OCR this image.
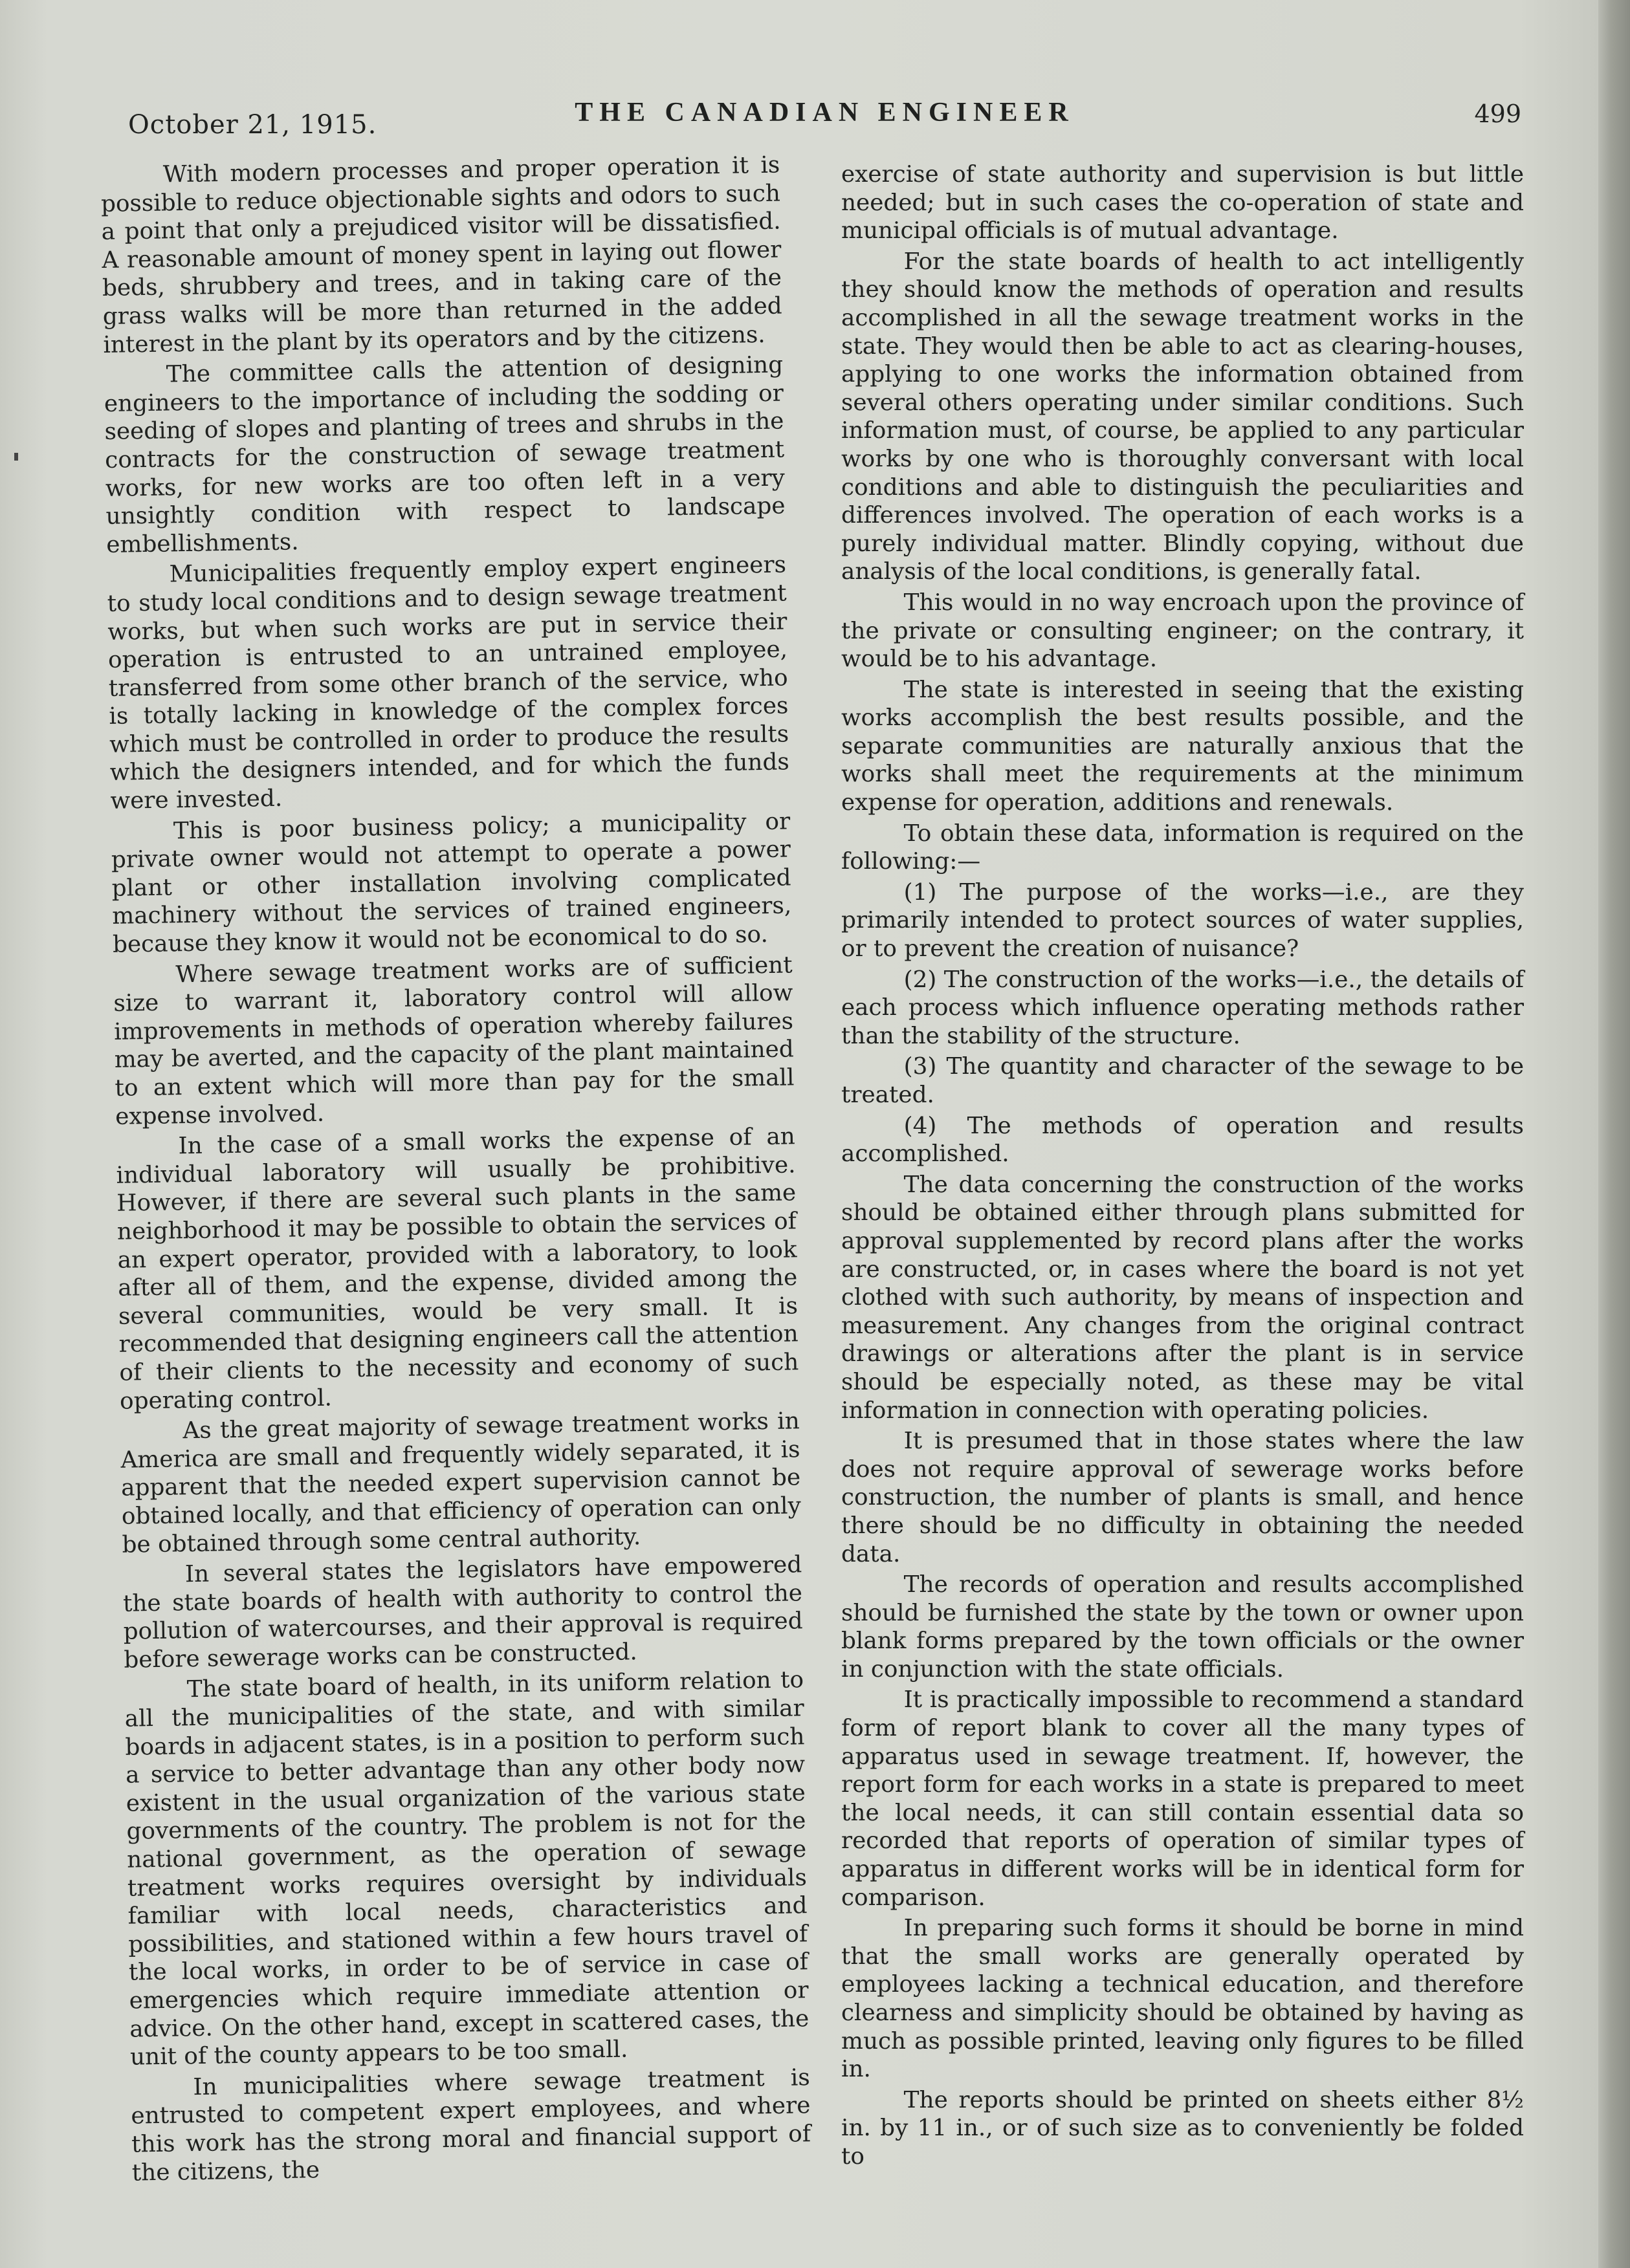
October 21, 1915.	THE CANADIAN ENGINEER	499

With modern processes and proper operation it is possible to reduce objectionable sights and odors to such a point that only a prejudiced visitor will be dissatisfied. A reasonable amount of money spent in laying out flower beds, shrubbery and trees, and in taking care of the grass walks will be more than returned in the added interest in the plant by its operators and by the citizens.

The committee calls the attention of designing engineers to the importance of including the sodding or seeding of slopes and planting of trees and shrubs in the contracts for the construction of sewage treatment works, for new works are too often left in a very unsightly condition with respect to landscape embellishments.

Municipalities frequently employ expert engineers to study local conditions and to design sewage treatment works, but when such works are put in service their operation is entrusted to an untrained employee, transferred from some other branch of the service, who is totally lacking in knowledge of the complex forces which must be controlled in order to produce the results which the designers intended, and for which the funds were invested.

This is poor business policy; a municipality or private owner would not attempt to operate a power plant or other installation involving complicated machinery without the services of trained engineers, because they know it would not be economical to do so.

Where sewage treatment works are of sufficient size to warrant it, laboratory control will allow improvements in methods of operation whereby failures may be averted, and the capacity of the plant maintained to an extent which will more than pay for the small expense involved.

In the case of a small works the expense of an individual laboratory will usually be prohibitive. However, if there are several such plants in the same neighborhood it may be possible to obtain the services of an expert operator, provided with a laboratory, to look after all of them, and the expense, divided among the several communities, would be very small. It is recommended that designing engineers call the attention of their clients to the necessity and economy of such operating control.

As the great majority of sewage treatment works in America are small and frequently widely separated, it is apparent that the needed expert supervision cannot be obtained locally, and that efficiency of operation can only be obtained through some central authority.

In several states the legislators have empowered the state boards of health with authority to control the pollution of watercourses, and their approval is required before sewerage works can be constructed.

The state board of health, in its uniform relation to all the municipalities of the state, and with similar boards in adjacent states, is in a position to perform such a service to better advantage than any other body now existent in the usual organization of the various state governments of the country. The problem is not for the national government, as the operation of sewage treatment works requires oversight by individuals familiar with local needs, characteristics and possibilities, and stationed within a few hours travel of the local works, in order to be of service in case of emergencies which require immediate attention or advice. On the other hand, except in scattered cases, the unit of the county appears to be too small.

In municipalities where sewage treatment is entrusted to competent expert employees, and where this work has the strong moral and financial support of the citizens, the

exercise of state authority and supervision is but little needed; but in such cases the co-operation of state and municipal officials is of mutual advantage.

For the state boards of health to act intelligently they should know the methods of operation and results accomplished in all the sewage treatment works in the state. They would then be able to act as clearing-houses, applying to one works the information obtained from several others operating under similar conditions. Such information must, of course, be applied to any particular works by one who is thoroughly conversant with local conditions and able to distinguish the peculiarities and differences involved. The operation of each works is a purely individual matter. Blindly copying, without due analysis of the local conditions, is generally fatal.

This would in no way encroach upon the province of the private or consulting engineer; on the contrary, it would be to his advantage.

The state is interested in seeing that the existing works accomplish the best results possible, and the separate communities are naturally anxious that the works shall meet the requirements at the minimum expense for operation, additions and renewals.

To obtain these data, information is required on the following:—

(1) The purpose of the works—i.e., are they primarily intended to protect sources of water supplies, or to prevent the creation of nuisance?

(2) The construction of the works—i.e., the details of each process which influence operating methods rather than the stability of the structure.

(3) The quantity and character of the sewage to be treated.

(4) The methods of operation and results accomplished.

The data concerning the construction of the works should be obtained either through plans submitted for approval supplemented by record plans after the works are constructed, or, in cases where the board is not yet clothed with such authority, by means of inspection and measurement. Any changes from the original contract drawings or alterations after the plant is in service should be especially noted, as these may be vital information in connection with operating policies.

It is presumed that in those states where the law does not require approval of sewerage works before construction, the number of plants is small, and hence there should be no difficulty in obtaining the needed data.

The records of operation and results accomplished should be furnished the state by the town or owner upon blank forms prepared by the town officials or the owner in conjunction with the state officials.

It is practically impossible to recommend a standard form of report blank to cover all the many types of apparatus used in sewage treatment. If, however, the report form for each works in a state is prepared to meet the local needs, it can still contain essential data so recorded that reports of operation of similar types of apparatus in different works will be in identical form for comparison.

In preparing such forms it should be borne in mind that the small works are generally operated by employees lacking a technical education, and therefore clearness and simplicity should be obtained by having as much as possible printed, leaving only figures to be filled in.

The reports should be printed on sheets either 8½ in. by 11 in., or of such size as to conveniently be folded to
